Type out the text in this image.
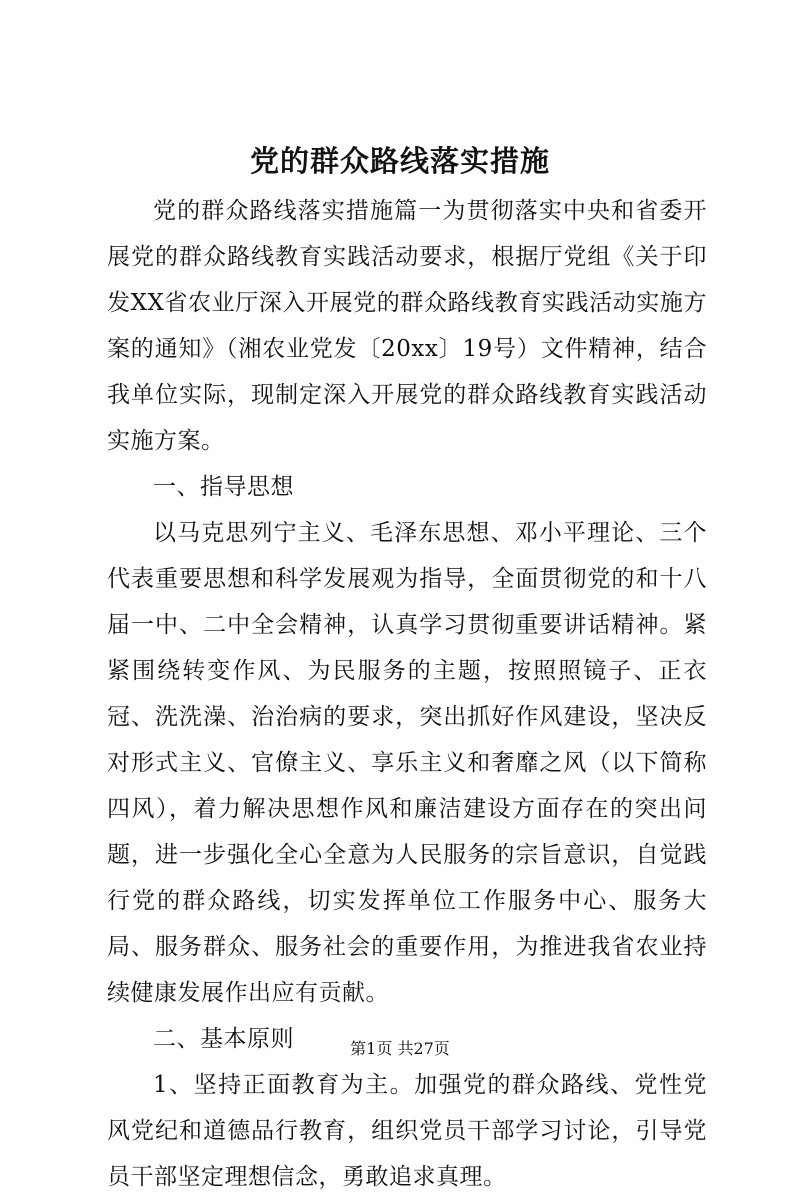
党的群众路线落实措施

党的群众路线落实措施篇一为贯彻落实中央和省委开展党的群众路线教育实践活动要求，根据厅党组《关于印发XX省农业厅深入开展党的群众路线教育实践活动实施方案的通知》（湘农业党发〔20xx〕19号）文件精神，结合我单位实际，现制定深入开展党的群众路线教育实践活动实施方案。

一、指导思想

以马克思列宁主义、毛泽东思想、邓小平理论、三个代表重要思想和科学发展观为指导，全面贯彻党的和十八届一中、二中全会精神，认真学习贯彻重要讲话精神。紧紧围绕转变作风、为民服务的主题，按照照镜子、正衣冠、洗洗澡、治治病的要求，突出抓好作风建设，坚决反对形式主义、官僚主义、享乐主义和奢靡之风（以下简称四风），着力解决思想作风和廉洁建设方面存在的突出问题，进一步强化全心全意为人民服务的宗旨意识，自觉践行党的群众路线，切实发挥单位工作服务中心、服务大局、服务群众、服务社会的重要作用，为推进我省农业持续健康发展作出应有贡献。

二、基本原则

1、坚持正面教育为主。加强党的群众路线、党性党风党纪和道德品行教育，组织党员干部学习讨论，引导党员干部坚定理想信念，勇敢追求真理。

第1页 共27页
